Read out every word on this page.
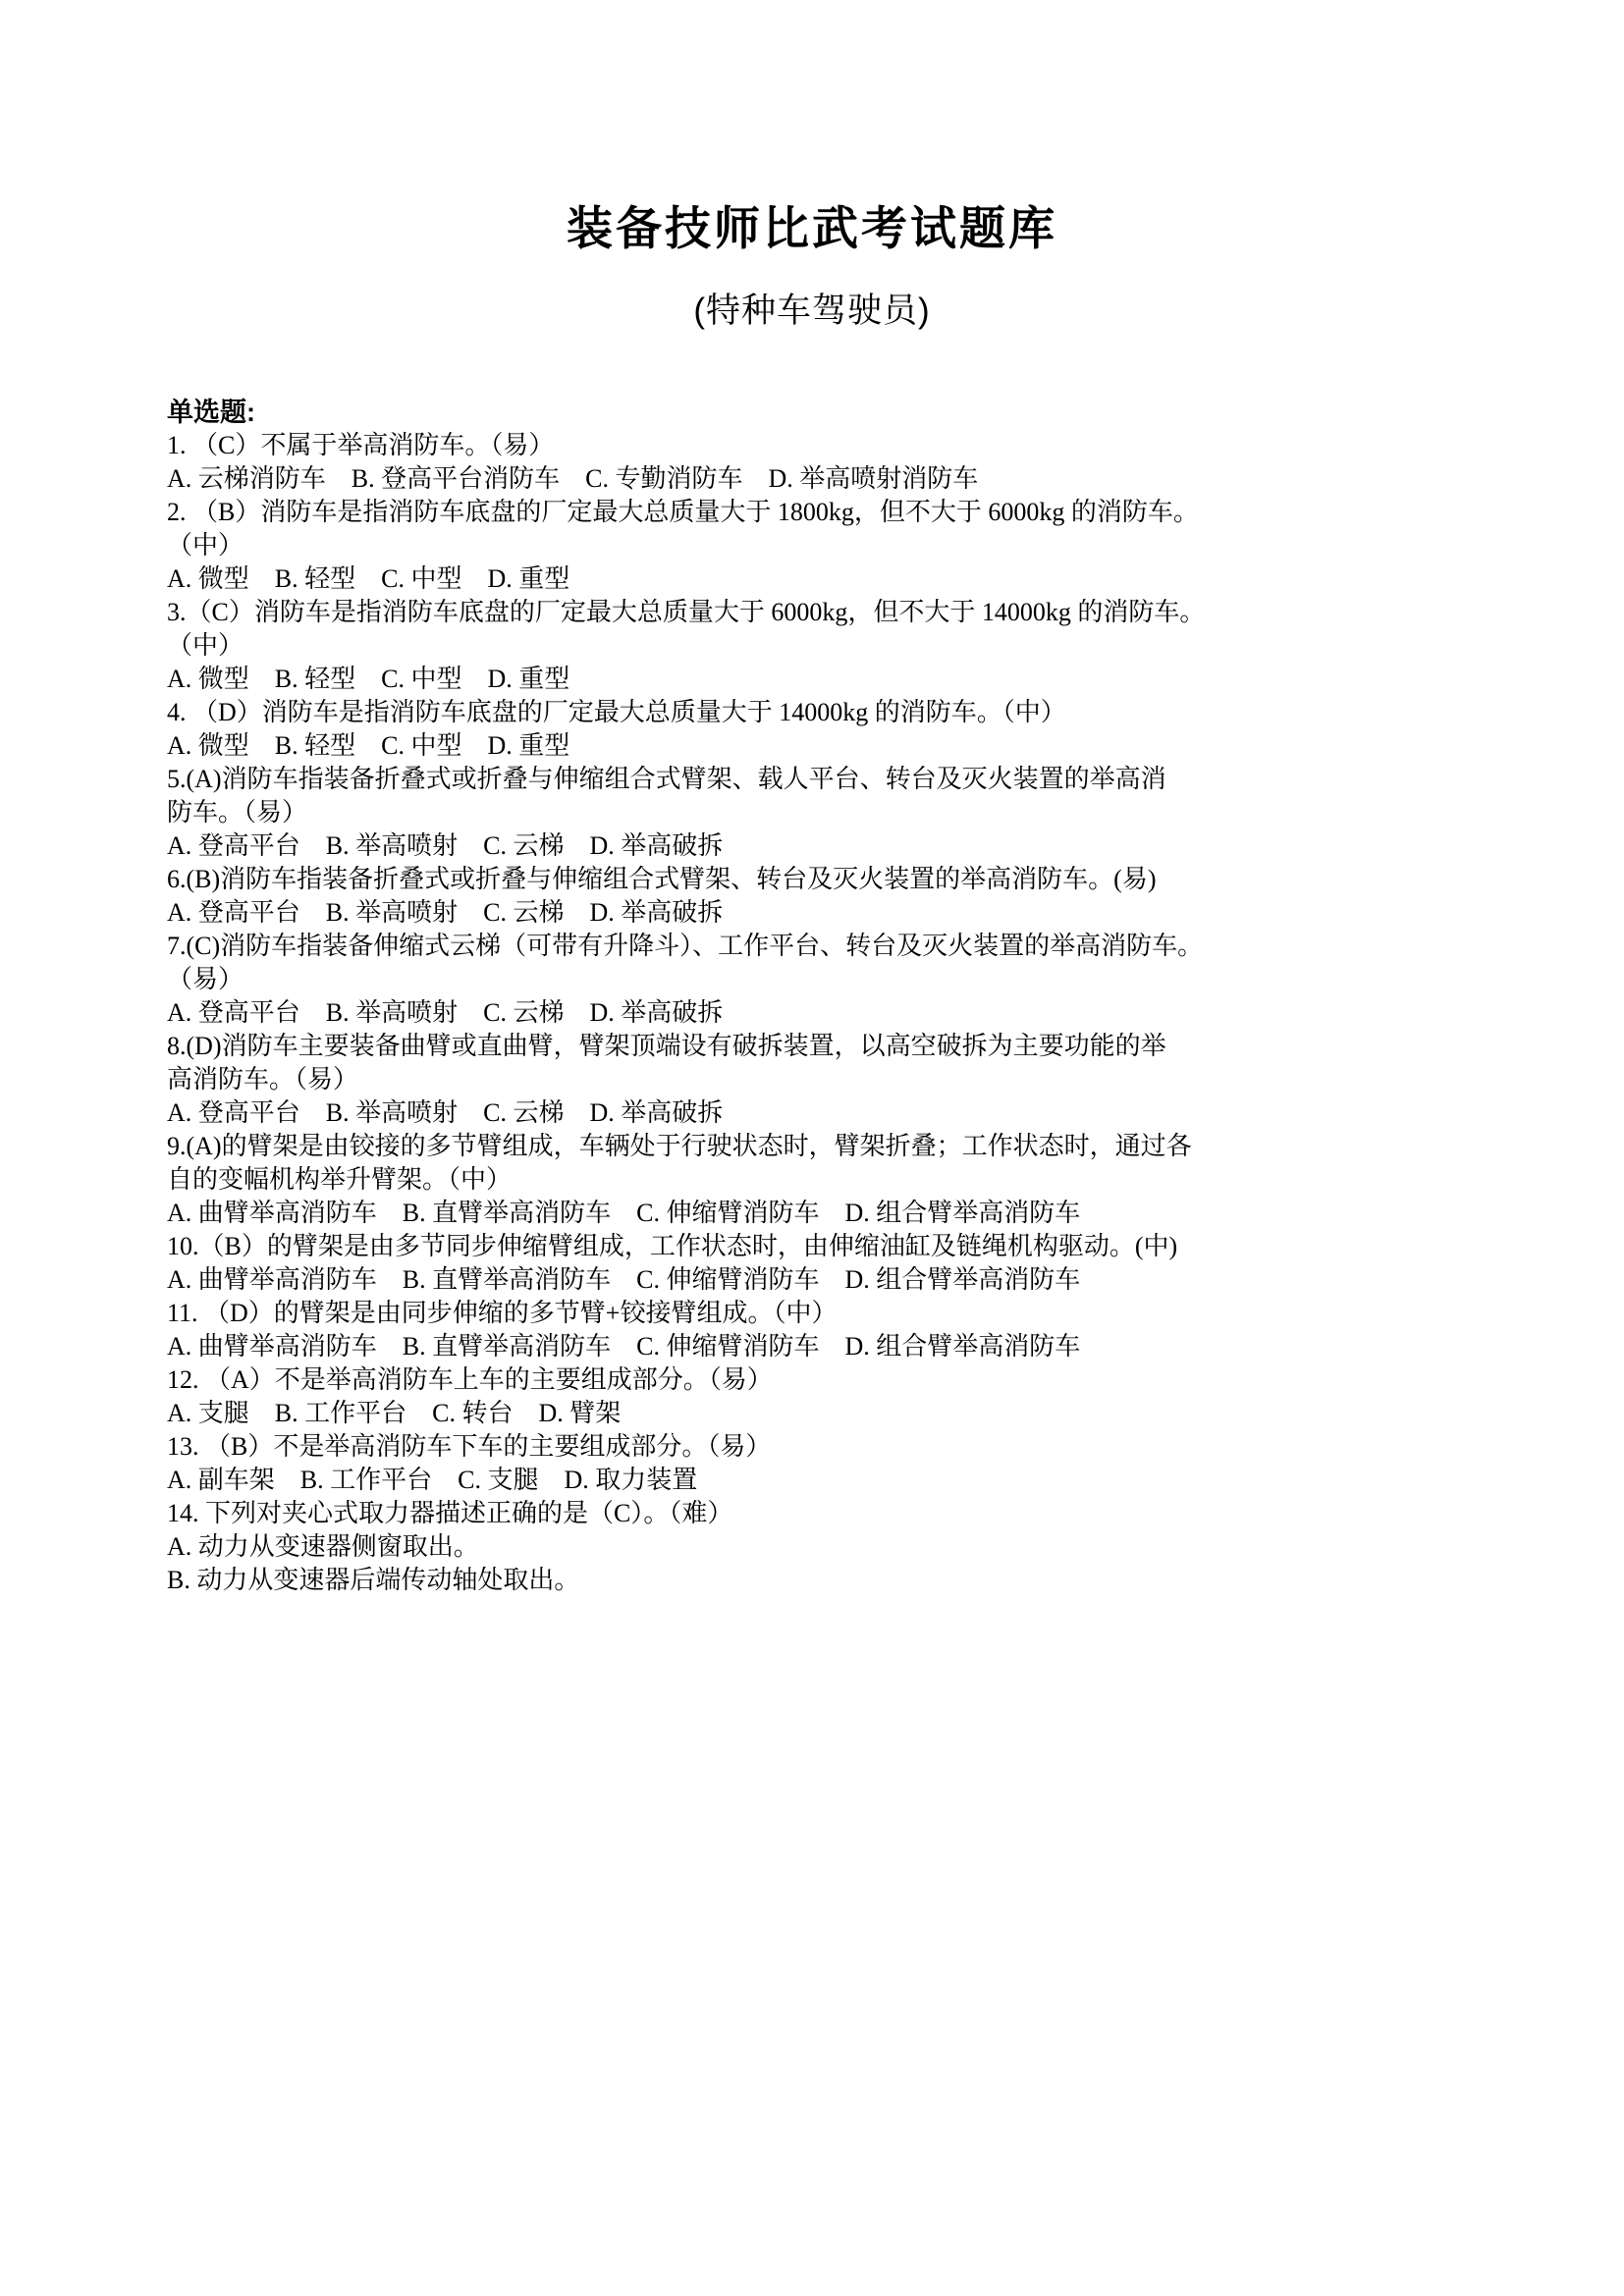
装备技师比武考试题库
(特种车驾驶员)
单选题:
1. （C）不属于举高消防车。（易）
A. 云梯消防车    B. 登高平台消防车    C. 专勤消防车    D. 举高喷射消防车
2. （B）消防车是指消防车底盘的厂定最大总质量大于 1800kg，但不大于 6000kg 的消防车。
（中）
A. 微型    B. 轻型    C. 中型    D. 重型
3.（C）消防车是指消防车底盘的厂定最大总质量大于 6000kg，但不大于 14000kg 的消防车。
（中）
A. 微型    B. 轻型    C. 中型    D. 重型
4. （D）消防车是指消防车底盘的厂定最大总质量大于 14000kg 的消防车。（中）
A. 微型    B. 轻型    C. 中型    D. 重型
5.(A)消防车指装备折叠式或折叠与伸缩组合式臂架、载人平台、转台及灭火装置的举高消
防车。（易）
A. 登高平台    B. 举高喷射    C. 云梯    D. 举高破拆
6.(B)消防车指装备折叠式或折叠与伸缩组合式臂架、转台及灭火装置的举高消防车。(易)
A. 登高平台    B. 举高喷射    C. 云梯    D. 举高破拆
7.(C)消防车指装备伸缩式云梯（可带有升降斗）、工作平台、转台及灭火装置的举高消防车。
（易）
A. 登高平台    B. 举高喷射    C. 云梯    D. 举高破拆
8.(D)消防车主要装备曲臂或直曲臂，臂架顶端设有破拆装置，以高空破拆为主要功能的举
高消防车。（易）
A. 登高平台    B. 举高喷射    C. 云梯    D. 举高破拆
9.(A)的臂架是由铰接的多节臂组成，车辆处于行驶状态时，臂架折叠；工作状态时，通过各
自的变幅机构举升臂架。（中）
A. 曲臂举高消防车    B. 直臂举高消防车    C. 伸缩臂消防车    D. 组合臂举高消防车
10.（B）的臂架是由多节同步伸缩臂组成，工作状态时，由伸缩油缸及链绳机构驱动。(中)
A. 曲臂举高消防车    B. 直臂举高消防车    C. 伸缩臂消防车    D. 组合臂举高消防车
11. （D）的臂架是由同步伸缩的多节臂+铰接臂组成。（中）
A. 曲臂举高消防车    B. 直臂举高消防车    C. 伸缩臂消防车    D. 组合臂举高消防车
12. （A）不是举高消防车上车的主要组成部分。（易）
A. 支腿    B. 工作平台    C. 转台    D. 臂架
13. （B）不是举高消防车下车的主要组成部分。（易）
A. 副车架    B. 工作平台    C. 支腿    D. 取力装置
14. 下列对夹心式取力器描述正确的是（C）。（难）
A. 动力从变速器侧窗取出。
B. 动力从变速器后端传动轴处取出。
